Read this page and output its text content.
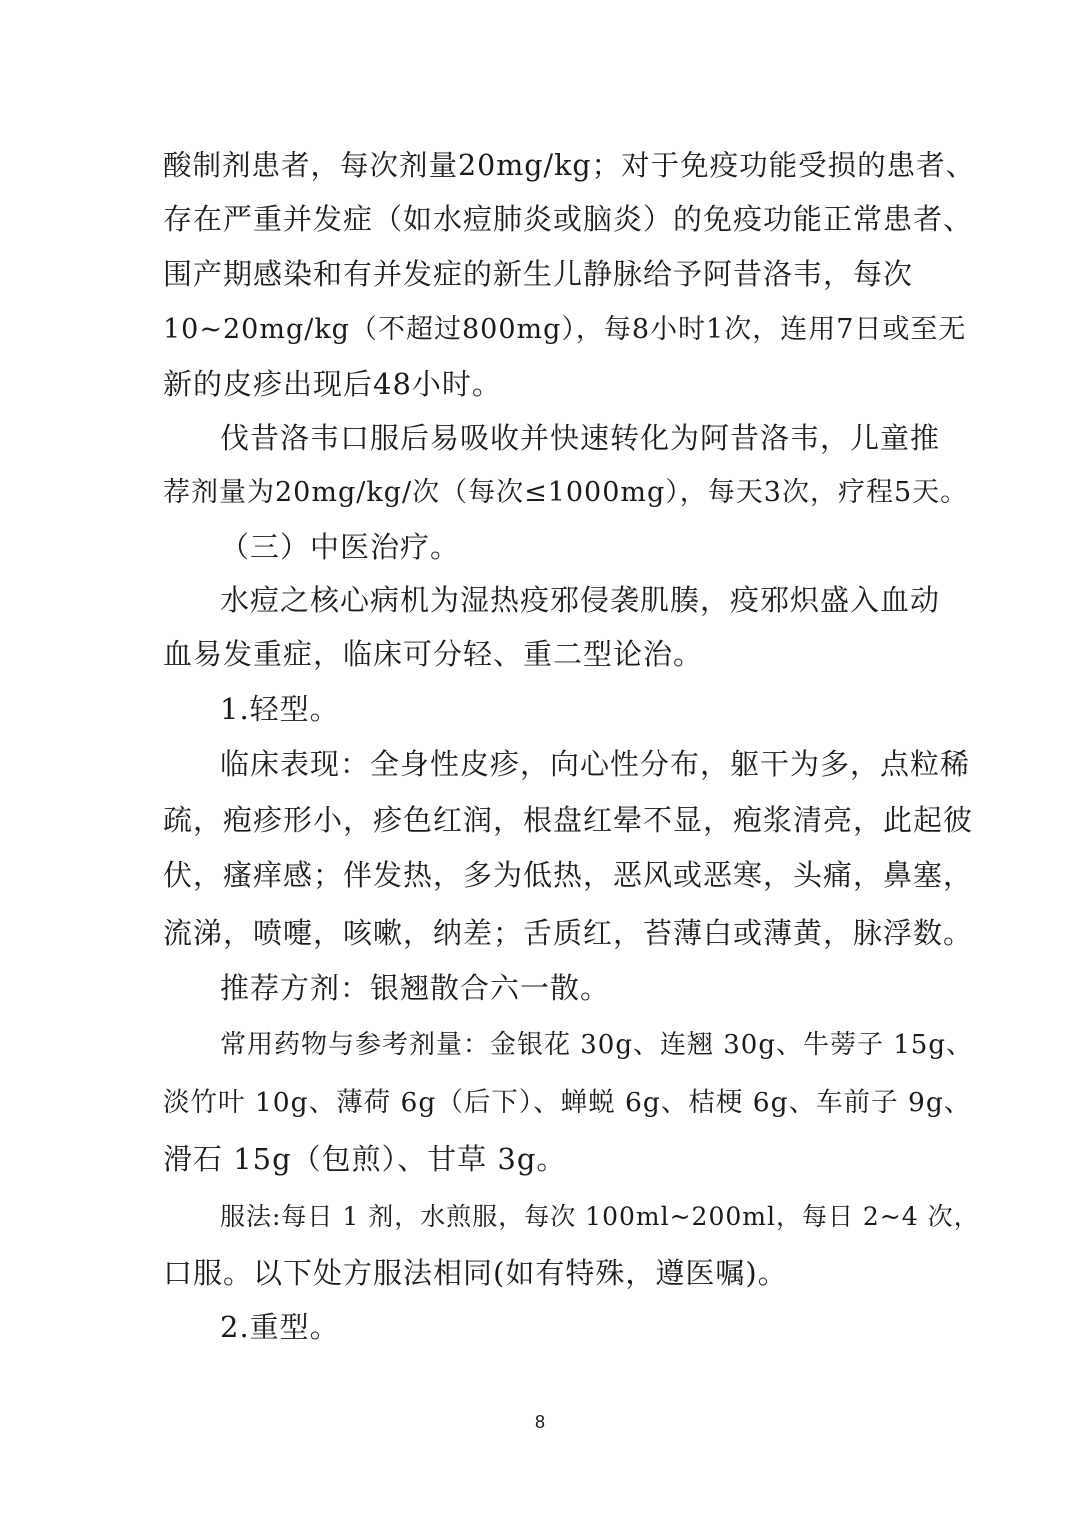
酸制剂患者，每次剂量20mg/kg；对于免疫功能受损的患者、
存在严重并发症（如水痘肺炎或脑炎）的免疫功能正常患者、
围产期感染和有并发症的新生儿静脉给予阿昔洛韦，每次
10~20mg/kg（不超过800mg），每8小时1次，连用7日或至无
新的皮疹出现后48小时。
伐昔洛韦口服后易吸收并快速转化为阿昔洛韦，儿童推
荐剂量为20mg/kg/次（每次≤1000mg），每天3次，疗程5天。
（三）中医治疗。
水痘之核心病机为湿热疫邪侵袭肌腠，疫邪炽盛入血动
血易发重症，临床可分轻、重二型论治。
1.轻型。
临床表现：全身性皮疹，向心性分布，躯干为多，点粒稀
疏，疱疹形小，疹色红润，根盘红晕不显，疱浆清亮，此起彼
伏，瘙痒感；伴发热，多为低热，恶风或恶寒，头痛，鼻塞，
流涕，喷嚏，咳嗽，纳差；舌质红，苔薄白或薄黄，脉浮数。
推荐方剂：银翘散合六一散。
常用药物与参考剂量：金银花 30g、连翘 30g、牛蒡子 15g、
淡竹叶 10g、薄荷 6g（后下）、蝉蜕 6g、桔梗 6g、车前子 9g、
滑石 15g（包煎）、甘草 3g。
服法:每日 1 剂，水煎服，每次 100ml~200ml，每日 2~4 次，
口服。以下处方服法相同(如有特殊，遵医嘱)。
2.重型。
8
